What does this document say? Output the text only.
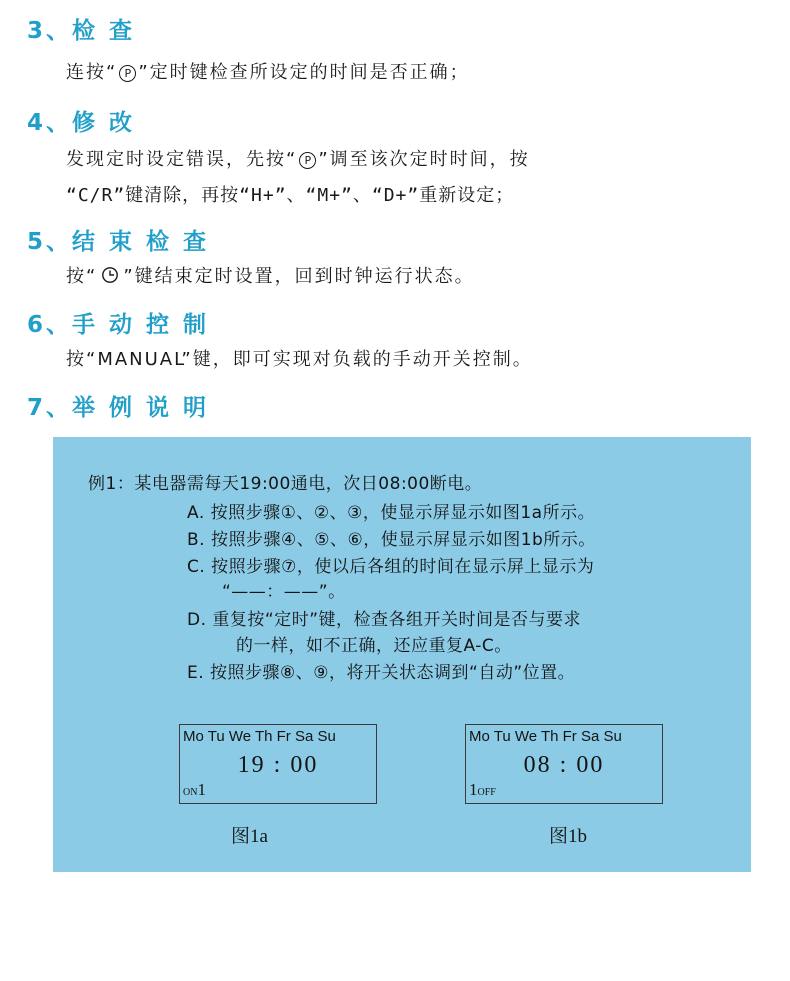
3、检 查
连按“ P ”定时键检查所设定的时间是否正确；
4、修 改
发现定时设定错误，先按“ P ”调至该次定时时间，按
“C/R”键清除，再按“H+”、“M+”、“D+”重新设定；
5、结 束 检 查
按“ ”键结束定时设置，回到时钟运行状态。
6、手 动 控 制
按“MANUAL”键，即可实现对负载的手动开关控制。
7、举 例 说 明
例1：某电器需每天19:00通电，次日08:00断电。
A. 按照步骤①、②、③，使显示屏显示如图1a所示。
B. 按照步骤④、⑤、⑥，使显示屏显示如图1b所示。
C. 按照步骤⑦，使以后各组的时间在显示屏上显示为
“——：——”。
D. 重复按“定时”键，检查各组开关时间是否与要求
的一样，如不正确，还应重复A-C。
E. 按照步骤⑧、⑨，将开关状态调到“自动”位置。
Mo Tu We Th Fr Sa Su
19 : 00
ON1
图1a
Mo Tu We Th Fr Sa Su
08 : 00
1OFF
图1b
